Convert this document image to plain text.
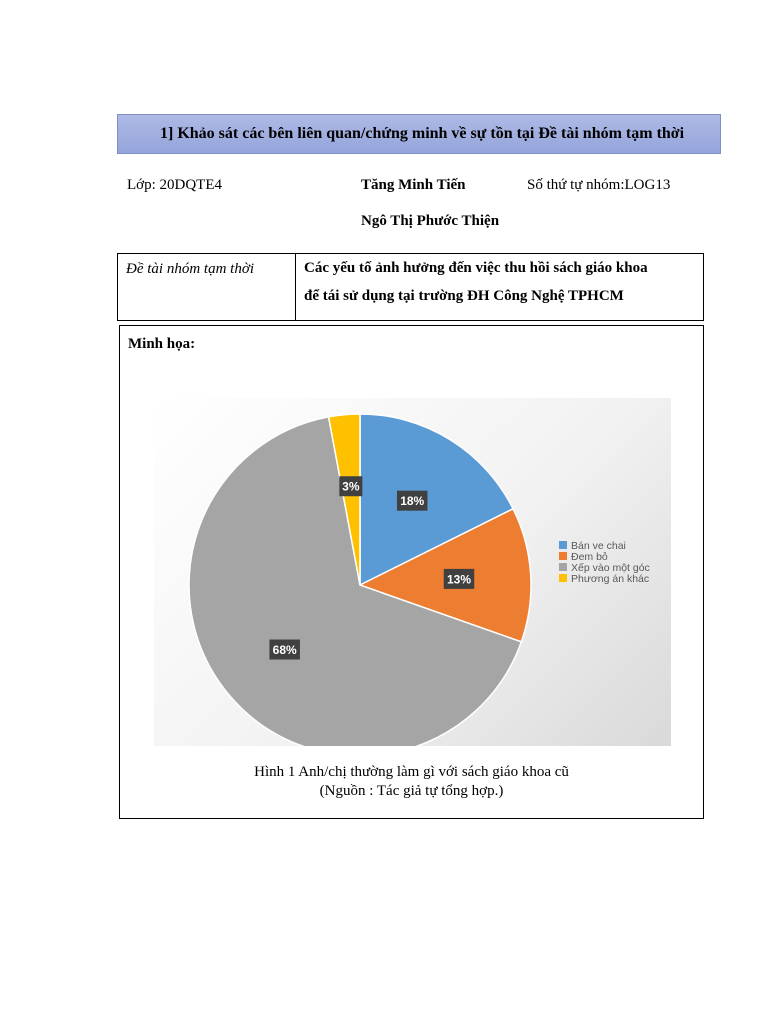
1] Khảo sát các bên liên quan/chứng minh về sự tồn tại Đề tài nhóm tạm thời
Lớp: 20DQTE4	Tăng Minh Tiến	Số thứ tự nhóm:LOG13
Ngô Thị Phước Thiện
Đề tài nhóm tạm thời	Các yếu tố ảnh hưởng đến việc thu hồi sách giáo khoa
để tái sử dụng tại trường ĐH Công Nghệ TPHCM
Minh họa:
18%
13%
68%
3%
Bán ve chai
Đem bỏ
Xếp vào một góc
Phương án khác
Hình 1 Anh/chị thường làm gì với sách giáo khoa cũ
(Nguồn : Tác giả tự tổng hợp.)
